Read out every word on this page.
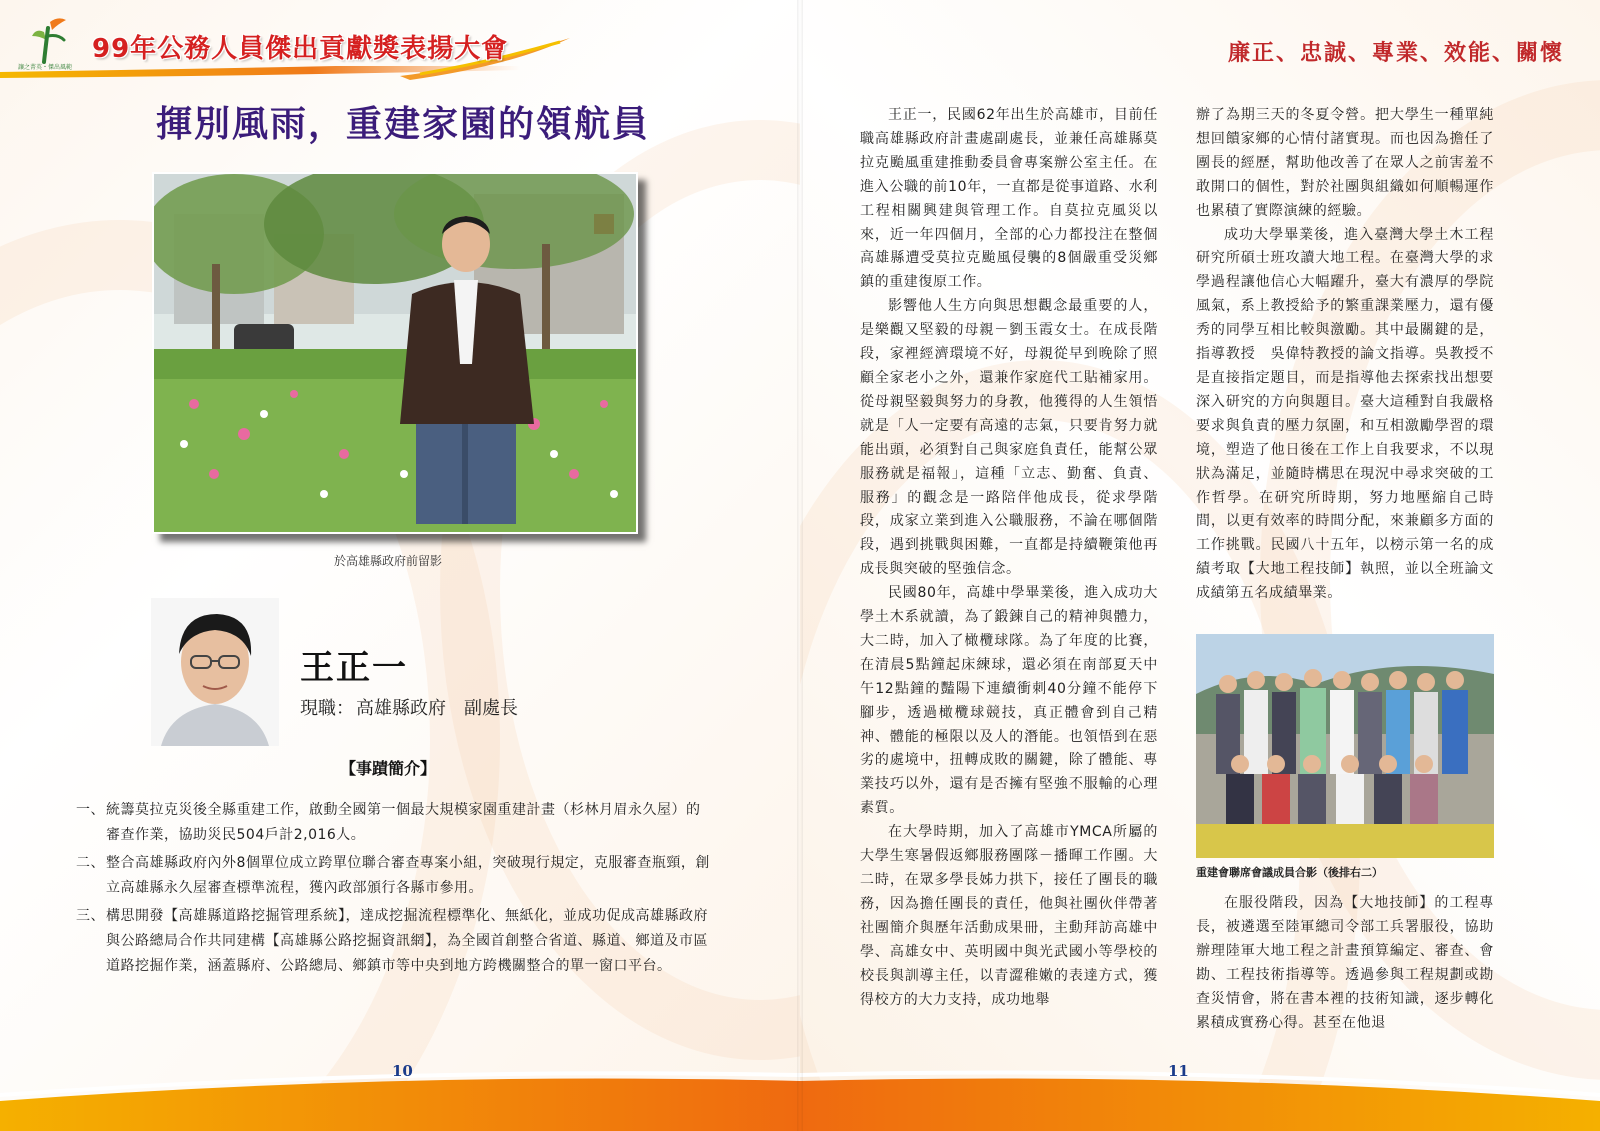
讓之菁英・傑出風範
99年公務人員傑出貢獻獎表揚大會
揮別風雨，重建家園的領航員
於高雄縣政府前留影
王正一
現職： 高雄縣政府　副處長
【事蹟簡介】
一、 統籌莫拉克災後全縣重建工作，啟動全國第一個最大規模家園重建計畫（杉林月眉永久屋）的審查作業，協助災民504戶計2,016人。
二、 整合高雄縣政府內外8個單位成立跨單位聯合審查專案小組，突破現行規定，克服審查瓶頸，創立高雄縣永久屋審查標準流程，獲內政部頒行各縣市參用。
三、 構思開發【高雄縣道路挖掘管理系統】，達成挖掘流程標準化、無紙化，並成功促成高雄縣政府與公路總局合作共同建構【高雄縣公路挖掘資訊網】，為全國首創整合省道、縣道、鄉道及市區道路挖掘作業，涵蓋縣府、公路總局、鄉鎮市等中央到地方跨機關整合的單一窗口平台。
10
廉正、忠誠、專業、效能、關懷

王正一，民國62年出生於高雄市，目前任職高雄縣政府計畫處副處長，並兼任高雄縣莫拉克颱風重建推動委員會專案辦公室主任。在進入公職的前10年，一直都是從事道路、水利工程相關興建與管理工作。自莫拉克風災以來，近一年四個月，全部的心力都投注在整個高雄縣遭受莫拉克颱風侵襲的8個嚴重受災鄉鎮的重建復原工作。

影響他人生方向與思想觀念最重要的人，是樂觀又堅毅的母親－劉玉霞女士。在成長階段，家裡經濟環境不好，母親從早到晚除了照顧全家老小之外，還兼作家庭代工貼補家用。從母親堅毅與努力的身教，他獲得的人生領悟就是「人一定要有高遠的志氣，只要肯努力就能出頭，必須對自己與家庭負責任，能幫公眾服務就是福報」，這種「立志、勤奮、負責、服務」的觀念是一路陪伴他成長，從求學階段，成家立業到進入公職服務，不論在哪個階段，遇到挑戰與困難，一直都是持續鞭策他再成長與突破的堅強信念。

民國80年，高雄中學畢業後，進入成功大學土木系就讀，為了鍛鍊自己的精神與體力，大二時，加入了橄欖球隊。為了年度的比賽，在清晨5點鐘起床練球，還必須在南部夏天中午12點鐘的豔陽下連續衝刺40分鐘不能停下腳步，透過橄欖球競技，真正體會到自己精神、體能的極限以及人的潛能。也領悟到在惡劣的處境中，扭轉成敗的關鍵，除了體能、專業技巧以外，還有是否擁有堅強不服輸的心理素質。

在大學時期，加入了高雄市YMCA所屬的大學生寒暑假返鄉服務團隊－播暉工作團。大二時，在眾多學長姊力拱下，接任了團長的職務，因為擔任團長的責任，他與社團伙伴帶著社團簡介與歷年活動成果冊，主動拜訪高雄中學、高雄女中、英明國中與光武國小等學校的校長與訓導主任，以青澀稚嫩的表達方式，獲得校方的大力支持，成功地舉

辦了為期三天的冬夏令營。把大學生一種單純想回饋家鄉的心情付諸實現。而也因為擔任了團長的經歷，幫助他改善了在眾人之前害羞不敢開口的個性，對於社團與組織如何順暢運作也累積了實際演練的經驗。

成功大學畢業後，進入臺灣大學土木工程研究所碩士班攻讀大地工程。在臺灣大學的求學過程讓他信心大幅躍升，臺大有濃厚的學院風氣，系上教授給予的繁重課業壓力，還有優秀的同學互相比較與激勵。其中最關鍵的是，指導教授　吳偉特教授的論文指導。吳教授不是直接指定題目，而是指導他去探索找出想要深入研究的方向與題目。臺大這種對自我嚴格要求與負責的壓力氛圍，和互相激勵學習的環境，塑造了他日後在工作上自我要求，不以現狀為滿足，並隨時構思在現況中尋求突破的工作哲學。在研究所時期，努力地壓縮自己時間，以更有效率的時間分配，來兼顧多方面的工作挑戰。民國八十五年，以榜示第一名的成績考取【大地工程技師】執照，並以全班論文成績第五名成績畢業。

重建會聯席會議成員合影（後排右二）

在服役階段，因為【大地技師】的工程專長，被遴選至陸軍總司令部工兵署服役，協助辦理陸軍大地工程之計畫預算編定、審查、會勘、工程技術指導等。透過參與工程規劃或勘查災情會，將在書本裡的技術知識，逐步轉化累積成實務心得。甚至在他退

11
